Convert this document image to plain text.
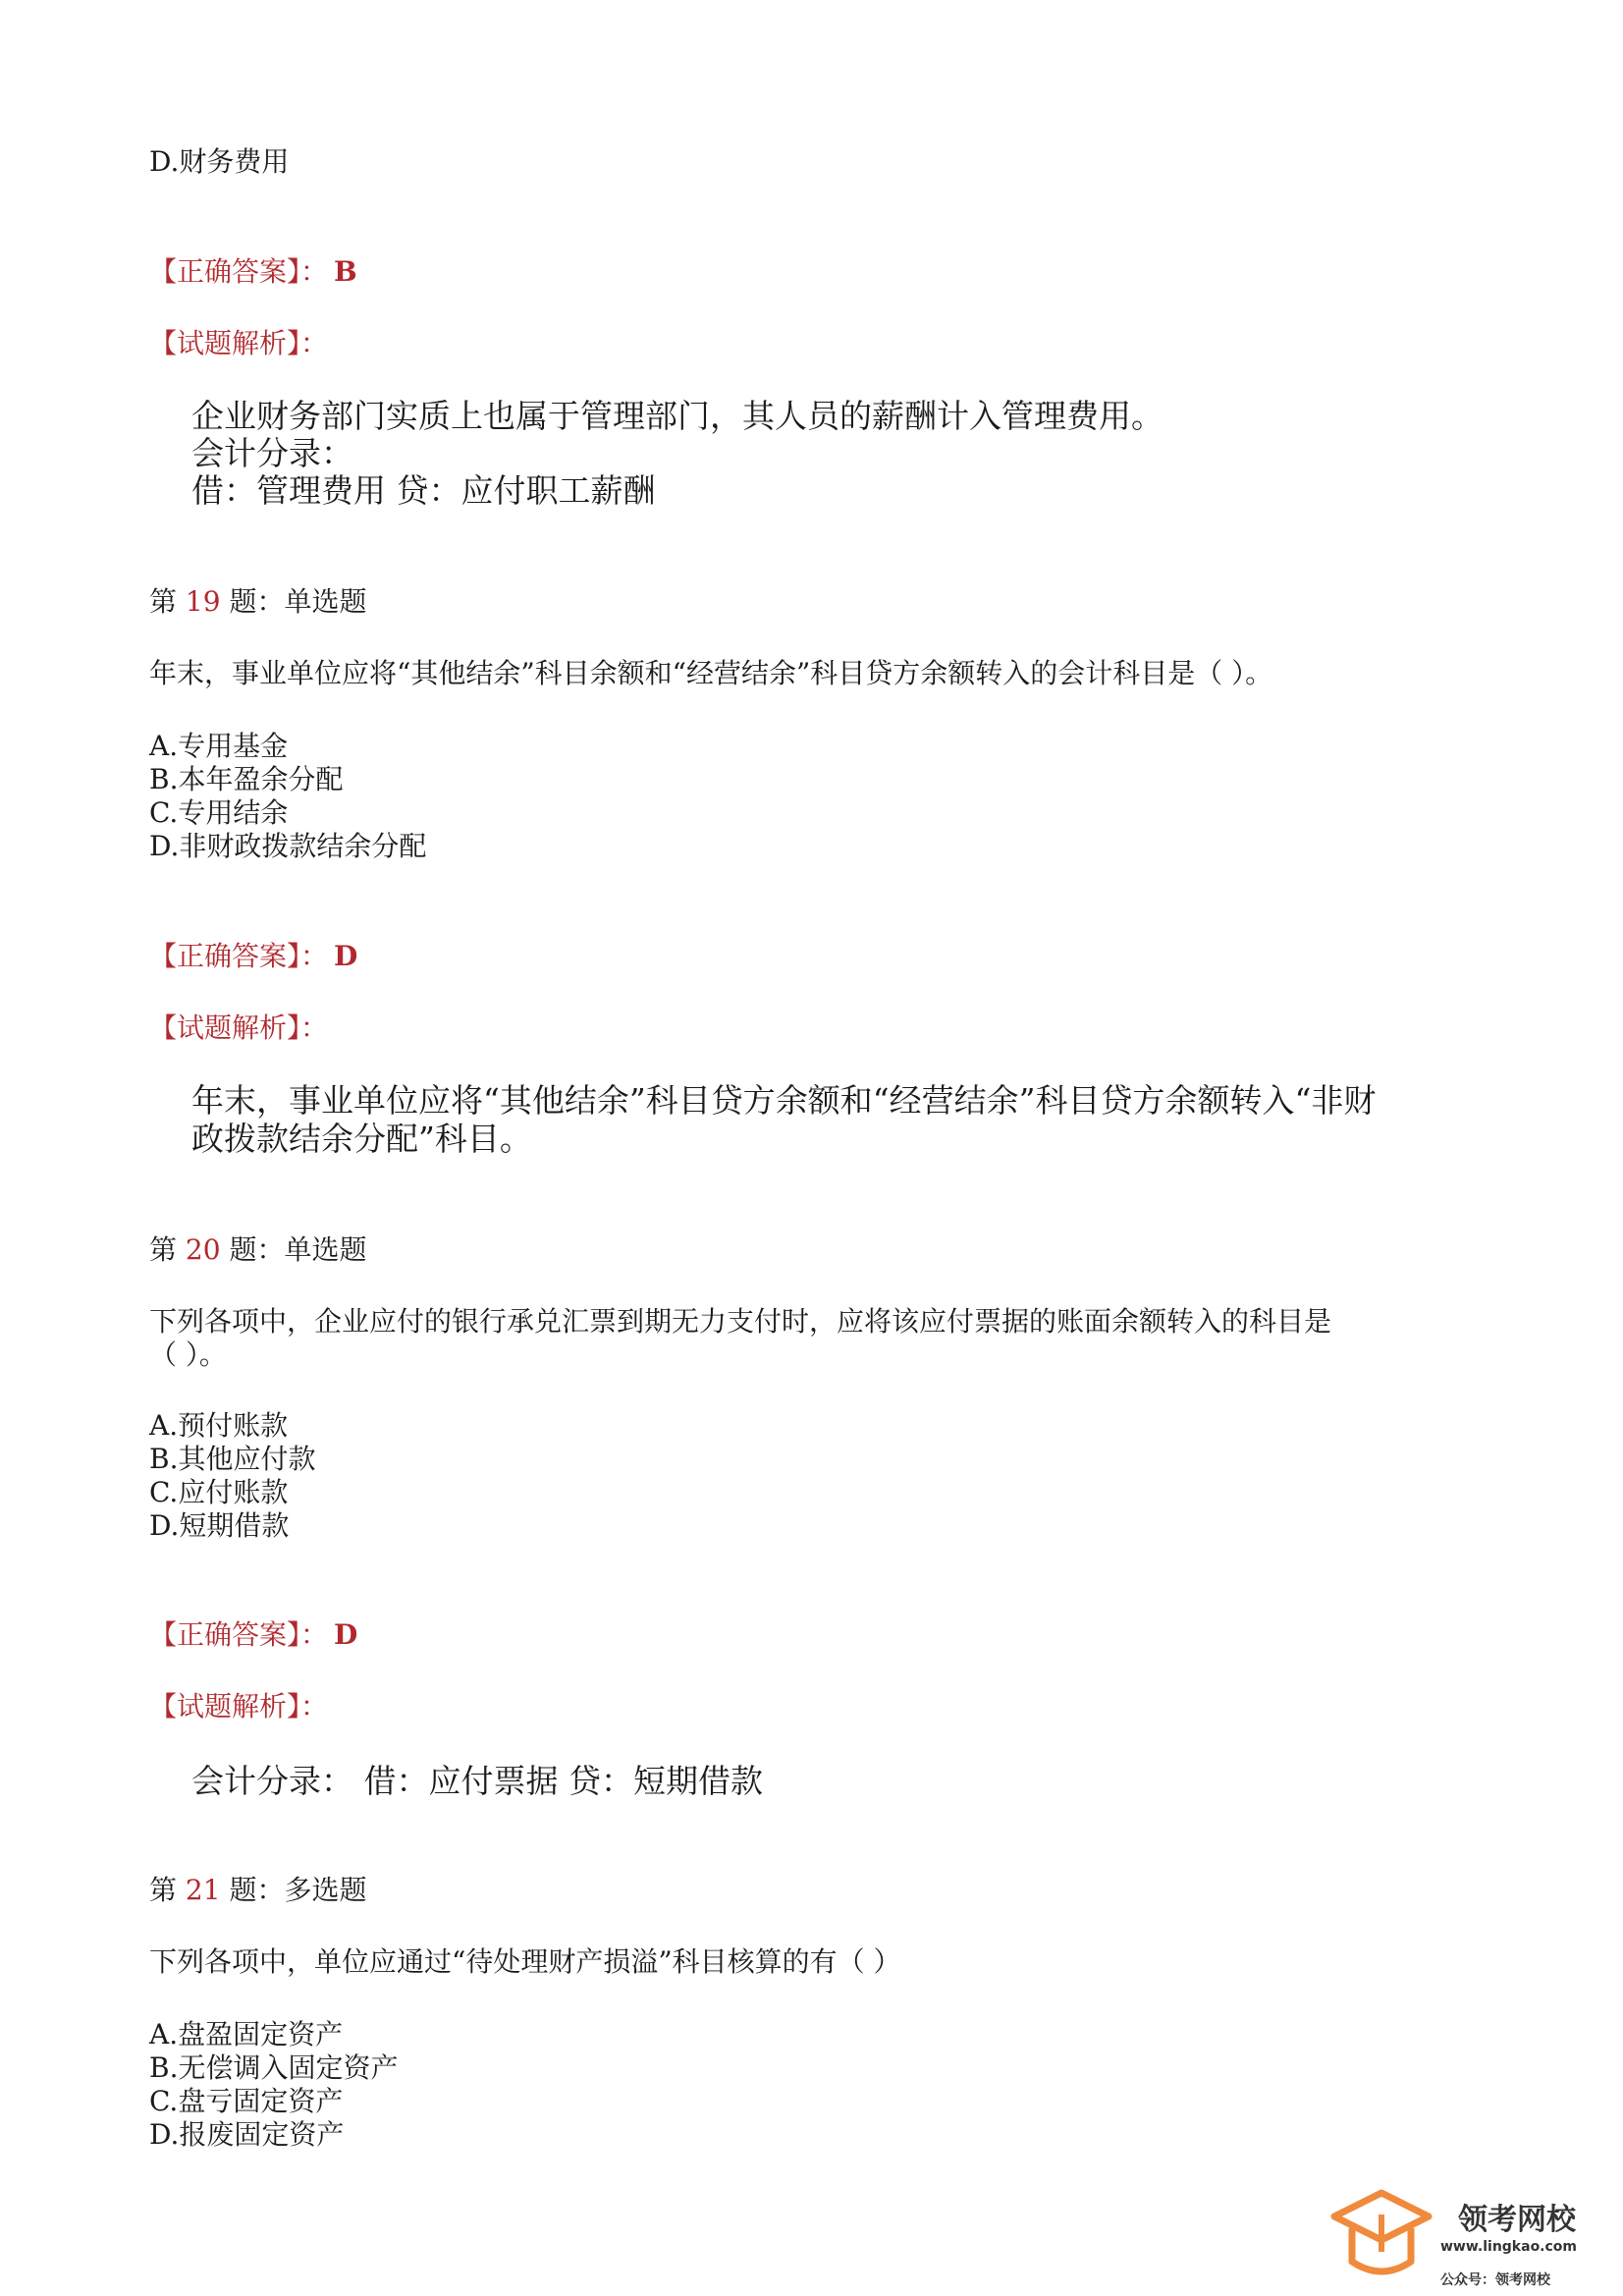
D.财务费用
【正确答案】： B
【试题解析】：
企业财务部门实质上也属于管理部门，其人员的薪酬计入管理费用。
会计分录：
借：管理费用 贷：应付职工薪酬
第 19 题：单选题
年末，事业单位应将“其他结余”科目余额和“经营结余”科目贷方余额转入的会计科目是（ ）。
A.专用基金
B.本年盈余分配
C.专用结余
D.非财政拨款结余分配
【正确答案】： D
【试题解析】：
年末，事业单位应将“其他结余”科目贷方余额和“经营结余”科目贷方余额转入“非财
政拨款结余分配”科目。
第 20 题：单选题
下列各项中，企业应付的银行承兑汇票到期无力支付时，应将该应付票据的账面余额转入的科目是
（ ）。
A.预付账款
B.其他应付款
C.应付账款
D.短期借款
【正确答案】： D
【试题解析】：
会计分录： 借：应付票据 贷：短期借款
第 21 题：多选题
下列各项中，单位应通过“待处理财产损溢”科目核算的有（ ）
A.盘盈固定资产
B.无偿调入固定资产
C.盘亏固定资产
D.报废固定资产
领考网校
www.lingkao.com
公众号：领考网校
